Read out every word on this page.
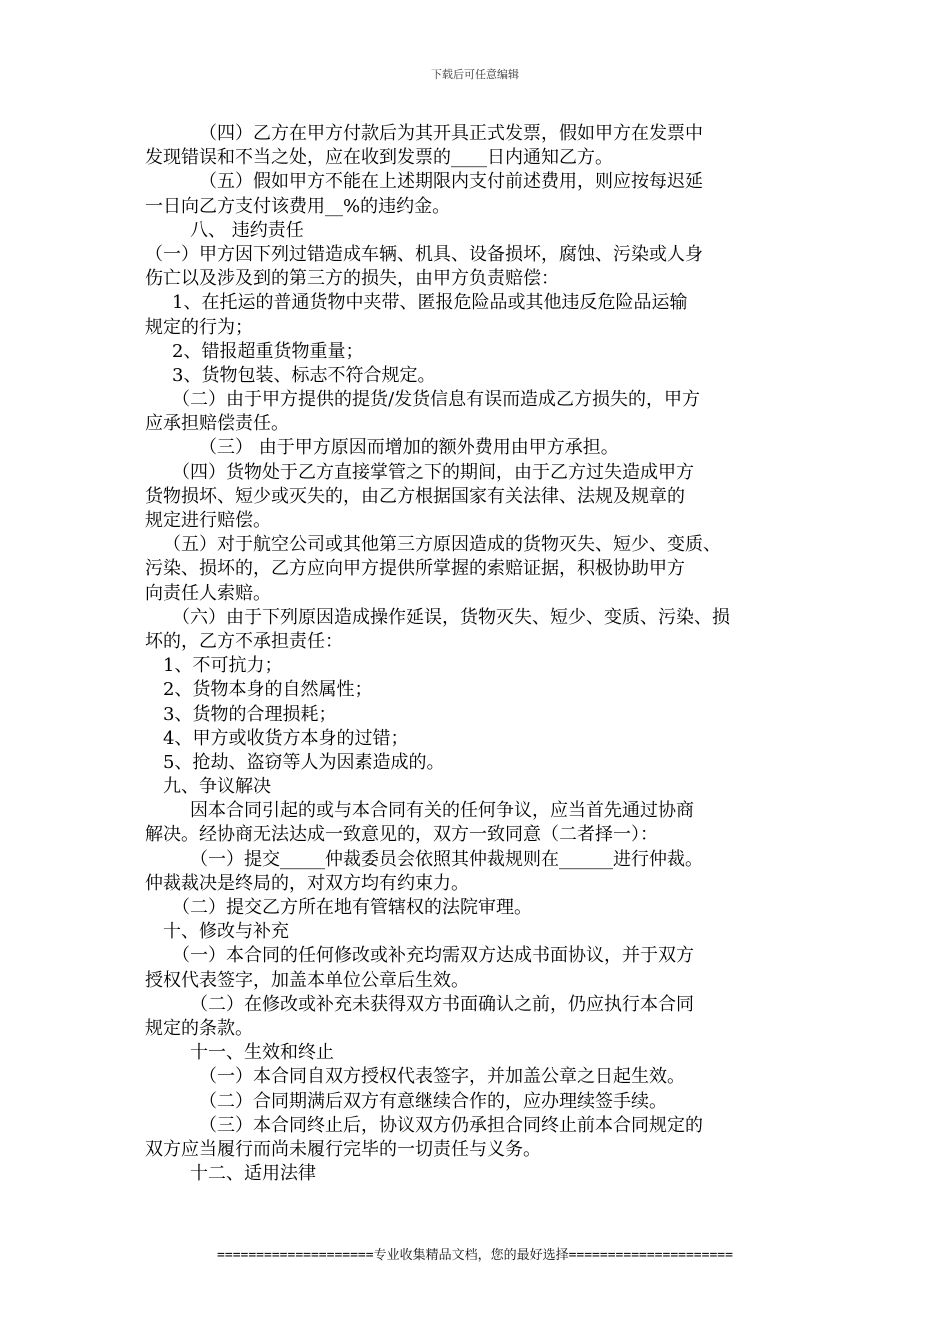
下载后可任意编辑
（四）乙方在甲方付款后为其开具正式发票，假如甲方在发票中
发现错误和不当之处，应在收到发票的____日内通知乙方。
（五）假如甲方不能在上述期限内支付前述费用，则应按每迟延
一日向乙方支付该费用__%的违约金。
八、 违约责任
（一）甲方因下列过错造成车辆、机具、设备损坏，腐蚀、污染或人身
伤亡以及涉及到的第三方的损失，由甲方负责赔偿：
1、在托运的普通货物中夹带、匿报危险品或其他违反危险品运输
规定的行为；
2、错报超重货物重量；
3、货物包装、标志不符合规定。
（二）由于甲方提供的提货/发货信息有误而造成乙方损失的，甲方
应承担赔偿责任。
（三） 由于甲方原因而增加的额外费用由甲方承担。
（四）货物处于乙方直接掌管之下的期间，由于乙方过失造成甲方
货物损坏、短少或灭失的，由乙方根据国家有关法律、法规及规章的
规定进行赔偿。
（五）对于航空公司或其他第三方原因造成的货物灭失、短少、变质、
污染、损坏的，乙方应向甲方提供所掌握的索赔证据，积极协助甲方
向责任人索赔。
（六）由于下列原因造成操作延误，货物灭失、短少、变质、污染、损
坏的，乙方不承担责任：
1、不可抗力；
2、货物本身的自然属性；
3、货物的合理损耗；
4、甲方或收货方本身的过错；
5、抢劫、盗窃等人为因素造成的。
九、争议解决
因本合同引起的或与本合同有关的任何争议，应当首先通过协商
解决。经协商无法达成一致意见的，双方一致同意（二者择一）：
（一）提交_____仲裁委员会依照其仲裁规则在______进行仲裁。
仲裁裁决是终局的，对双方均有约束力。
（二）提交乙方所在地有管辖权的法院审理。
十、修改与补充
（一）本合同的任何修改或补充均需双方达成书面协议，并于双方
授权代表签字，加盖本单位公章后生效。
（二）在修改或补充未获得双方书面确认之前，仍应执行本合同
规定的条款。
十一、生效和终止
（一）本合同自双方授权代表签字，并加盖公章之日起生效。
（二）合同期满后双方有意继续合作的，应办理续签手续。
（三）本合同终止后，协议双方仍承担合同终止前本合同规定的
双方应当履行而尚未履行完毕的一切责任与义务。
十二、适用法律
====================专业收集精品文档，您的最好选择=====================
